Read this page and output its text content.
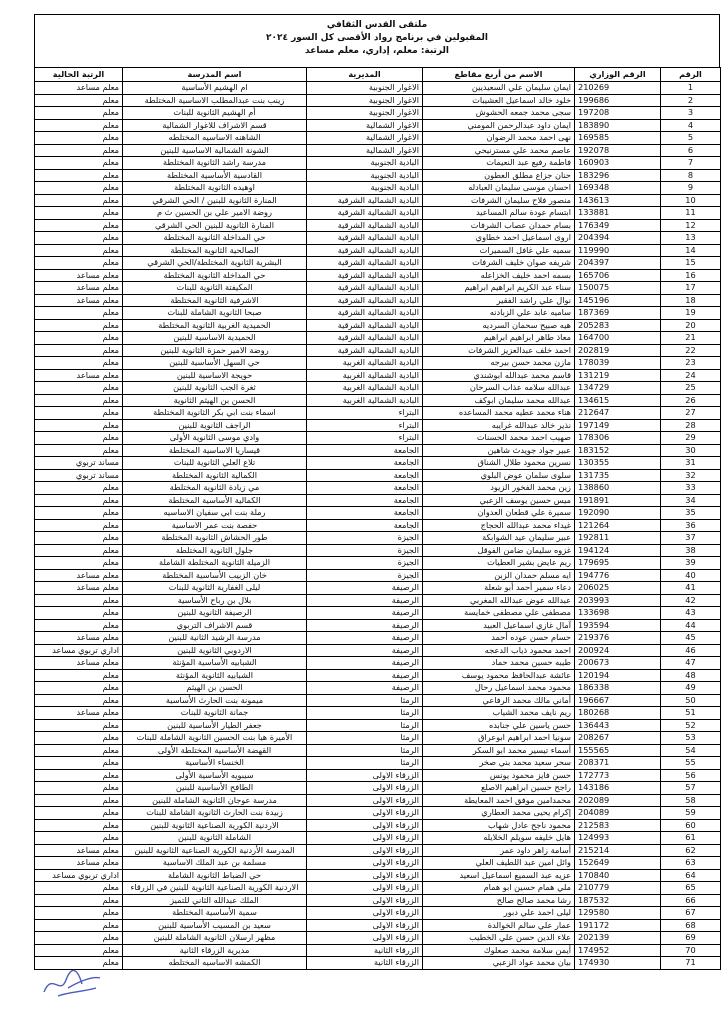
ملتقى القدس الثقافي
المقبولين في برنامج رواد الأقصى كل السور ٢٠٢٤
الرتبة: معلم، إداري، معلم مساعد
الرقم	الرقم الوزاري	الاسم من أربع مقاطع	المديرية	اسم المدرسة	الرتبة الحالية
1	210269	ايمان سليمان علي السعيديين	الاغوار الجنوبية	ام الهشيم الأساسية	معلم مساعد
2	199686	خلود خالد اسماعيل العشيبات	الاغوار الجنوبية	زينب بنت عبدالمطلب الاساسية المختلطة	معلم
3	197208	سجى محمد جمعه الحشوش	الاغوار الجنوبية	أم الهشيم الثانوية للبنات	معلم
4	183890	ايمان داود عبدالرحمن المومني	الاغوار الشمالية	قسم الاشراف للاغوار الشمالية	معلم
5	169585	نهى احمد محمد الرضوان	الاغوار الشمالية	الشاهنه الاساسيه المختلطه	معلم
6	192078	عاصم محمد علي مسترنيحي	الاغوار الشمالية	الشونة الشمالية الاساسية للبنين	معلم
7	160903	فاطمة رفيع عبد النعيمات	البادية الجنوبية	مدرسة راشد الثانوية المختلطة	معلم
8	183296	حنان جزاع مطلق العطون	البادية الجنوبية	القادسية الأساسية المختلطة	معلم
9	169348	احسان موسى سليمان العبادله	البادية الجنوبية	اوهيده الثانوية المختلطة	معلم
10	143613	منصور فلاح سليمان الشرفات	البادية الشمالية الشرقية	المنارة الثانوية للبنين / الحي الشرقي	معلم
11	133881	ابتسام عودة سالم المساعيد	البادية الشمالية الشرقية	روضة الامير علي بن الحسين ث م	معلم
12	176349	بسام حمدان عصاب الشرفات	البادية الشمالية الشرقية	المنارة الثانوية للبنين الحي الشرقي	معلم
13	204394	اروى اسماعيل احمد خطاوي	البادية الشمالية الشرقية	حي المداخلة الثانوية المختلطة	معلم
14	119990	سميه علي غافل السميرات	البادية الشمالية الشرقية	الصالحية الثانوية المختلطة	معلم
15	204397	شريفه صوان خليف الشرفات	البادية الشمالية الشرقية	البشرية الثانوية المختلطة/الحي الشرقي	معلم
16	165706	بسمه احمد خليف الخزاعله	البادية الشمالية الشرقية	حي المداخلة الثانوية المختلطة	معلم مساعد
17	150075	سناء عبد الكريم ابراهيم ابراهيم	البادية الشمالية الشرقية	المكيفتة الثانوية للبنات	معلم مساعد
18	145196	نوال علي راشد الفقير	البادية الشمالية الشرقية	الاشرفية الثانوية المختلطة	معلم مساعد
19	187369	ساميه عابد علي الزبادنه	البادية الشمالية الشرقية	صبحا الثانوية الشاملة للبنات	معلم
20	205283	هيه صبيح سحمان السرديه	البادية الشمالية الشرقية	الحميدية الغربية الثانوية المختلطة	معلم
21	164700	معاذ طاهر ابراهيم ابراهيم	البادية الشمالية الشرقية	الحميدية الاساسية للبنين	معلم
22	202819	احمد خلف عبدالعزيز الشرفات	البادية الشمالية الشرقية	روضة الامير حمزة الثانوية للبنين	معلم
23	178039	مازن محمد حسن بيرجه	البادية الشمالية الغربية	حي السهل الأساسية للبنين	معلم
24	131219	قاسم محمد عبدالله ابوشندي	البادية الشمالية الغربية	حويجة الاساسية للبنين	معلم مساعد
25	134729	عبدالله سلامه عذاب السرحان	البادية الشمالية الغربية	ثغرة الجب الثانوية للبنين	معلم
26	134615	عبدالله محمد سليمان ابوكف	البادية الشمالية الغربية	الحسن بن الهيثم الثانوية	معلم
27	212647	هناء محمد عطيه محمد المساعده	البتراء	اسماء بنت ابي بكر الثانوية المختلطة	معلم
28	197149	نذير خالد عبدالله غرايبه	البتراء	الراجف الثانوية للبنين	معلم
29	178306	صهيب احمد محمد الحسنات	البتراء	وادي موسى الثانوية الأولى	معلم
30	183152	عبير جواد جويدث شاهين	الجامعة	قيساريا الاساسية المختلطة	معلم
31	130355	نسرين محمود طلال الشناق	الجامعة	تلاع العلي الثانوية للبنات	مساند تربوي
32	131735	سلوى سلمان عوض البلوي	الجامعة	الكمالية الثانوية المختلطة	مساند تربوي
33	138860	زين محمد الفخور الزيود	الجامعة	مي زيادة الثانوية المختلطة	معلم
34	191891	ميس حسين يوسف الزعبي	الجامعة	الكمالية الأساسية المختلطة	معلم
35	192090	سميرة علي قطعان العدوان	الجامعة	رملة بنت ابي سفيان الاساسيه	معلم
36	121264	غيداء محمد عبدالله الحجاج	الجامعة	حفصة بنت عمر الاساسية	معلم
37	192811	عبير سليمان عيد الشوابكة	الجيزة	طور الحشاش الثانوية المختلطة	معلم
38	194124	غزوه سليمان ضامن الفوقل	الجيزة	جلول الثانوية المختلطة	معلم
39	179695	ريم عايض بشير العطيات	الجيزة	الزميلة الثانوية المختلطة الشاملة	معلم
40	194776	ايه مسلم حمدان الزبن	الجيزة	خان الزبيب الأساسية المختلطة	معلم مساعد
41	206025	دعاء سمير أحمد أبو شعلة	الرصيفة	ليلى الغفارية الثانوية للبنات	معلم مساعد
42	203993	عبدالله عوض عبدالله المغربي	الرصيفة	بلال بن رباح الأساسية	معلم
43	133698	مصطفى علي مصطفى خمايسة	الرصيفة	الرصيفة الثانوية للبنين	معلم
44	193594	آمال غازي اسماعيل العبيد	الرصيفة	قسم الاشراف التربوي	معلم
45	219376	حسام حسن عوده أحمد	الرصيفة	مدرسة الرشيد الثانية للبنين	معلم مساعد
46	200924	احمد محمود ذياب الدعجه	الرصيفة	الاردوبي الثانوية للبنين	اداري تربوي مساعد
47	200673	طيبه حسين محمد حماد	الرصيفة	الشبابيه الأساسية المؤنثة	معلم مساعد
48	120194	عائشة عبدالحافظ محمود يوسف	الرصيفة	الشبابيه الثانوية المؤنثة	معلم
49	186338	محمود محمد اسماعيل رحال	الرصيفة	الحسن بن الهيثم	معلم
50	196667	أماني مالك محمد الرفاعي	الرمثا	ميمونة بنت الحارث الأساسية	معلم
51	180268	ريم نايف محمد الشياب	الرمثا	جمانة الثانوية للبنات	معلم مساعد
52	136443	حسن ياسين علي جنابده	الرمثا	جعفر الطيار الأساسية للبنين	معلم
53	208267	سونيا احمد ابراهيم ابوعراق	الرمثا	الأميرة هيا بنت الحسين الثانوية الشاملة للبنات	معلم
54	155565	أسماء تيسير محمد ابو السكر	الرمثا	القهضة الأساسية المختلطة الأولى	معلم
55	208371	سحر سعيد محمد بني صخر	الرمثا	الخنساء الأساسية	معلم
56	172773	حسن فايز محمود يونس	الزرقاء الاولى	سيبويه الأساسية الأولى	معلم
57	143186	راجح حسين ابراهيم الاصلع	الزرقاء الاولى	الطافح الأساسية للبنين	معلم
58	202089	محمدامين موفق احمد المعايطة	الزرقاء الاولى	مدرسة عوجان الثانوية الشاملة للبنين	معلم
59	204089	إكرام يحيى محمد العطاري	الزرقاء الاولى	زبيدة بنت الحارث الثانوية الشاملة للبنات	معلم
60	212583	محمود ناجح عادل شهاب	الزرقاء الاولى	الاردنية الكورية الصناعية الثانوية للبنين	معلم
61	124993	هايل خليفه سويلم الخلايله	الزرقاء الاولى	الشاملة الثانوية للبنين	معلم
62	215214	أسامة زاهر داود عمر	الزرقاء الاولى	المدرسة الأردنية الكورية الصناعية الثانوية للبنين	معلم مساعد
63	152649	وائل امين عبد اللطيف العلي	الزرقاء الاولى	مسلمة بن عبد الملك الاساسية	معلم مساعد
64	170840	عزيه عبد السميع اسماعيل اسعيد	الزرقاء الاولى	حي الضباط الثانوية الشاملة	اداري تربوي مساعد
65	210779	ملي همام حسين ابو همام	الزرقاء الاولى	الاردنية الكورية الصناعية الثانوية للبنين في الزرقاء	معلم
66	187532	رشا محمد صالح صالح	الزرقاء الاولى	الملك عبدالله الثاني للتميز	معلم
67	129580	ليلى احمد علي دبور	الزرقاء الاولى	سمية الأساسية المختلطة	معلم
68	191172	عمار علي سالم الخوالدة	الزرقاء الاولى	سعيد بن المسيب الأساسية للبنين	معلم
69	202139	علاء الدين حسن علي الخطيب	الزرقاء الاولى	مظهر ارسلان الثانوية الشاملة للبنين	معلم
70	174952	أيمن سلامة محمد صعلوك	الزرقاء الثانية	مديرية الزرقاء الثانية	معلم
71	174930	بيان محمد عواد الزعبي	الزرقاء الثانية	الكمشه الاساسيه المختلطه	معلم
